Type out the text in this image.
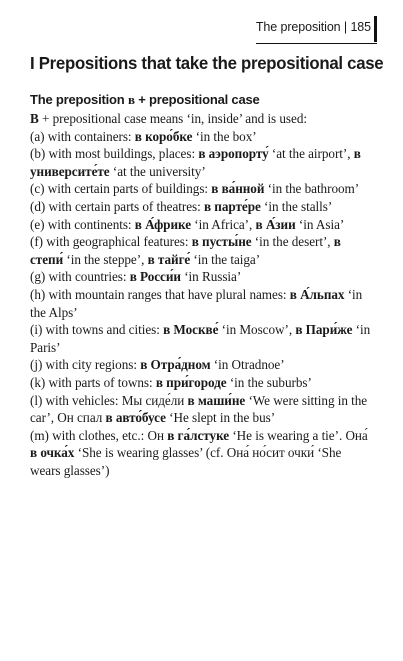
The preposition | 185
I Prepositions that take the prepositional case
The preposition в + prepositional case

В + prepositional case means ‘in, inside’ and is used:

(a) with containers: в коро́бке ‘in the box’

(b) with most buildings, places: в аэропорту́ ‘at the airport’, в университе́те ‘at the university’

(c) with certain parts of buildings: в ва́нной ‘in the bathroom’

(d) with certain parts of theatres: в парте́ре ‘in the stalls’

(e) with continents: в А́фрике ‘in Africa’, в А́зии ‘in Asia’

(f) with geographical features: в пусты́не ‘in the desert’, в степи́ ‘in the steppe’, в тайге́ ‘in the taiga’

(g) with countries: в Росси́и ‘in Russia’

(h) with mountain ranges that have plural names: в А́льпах ‘in the Alps’

(i) with towns and cities: в Москве́ ‘in Moscow’, в Пари́же ‘in Paris’

(j) with city regions: в Отра́дном ‘in Otradnoe’

(k) with parts of towns: в при́городе ‘in the suburbs’

(l) with vehicles: Мы сиде́ли в маши́не ‘We were sitting in the car’, Он спал в авто́бусе ‘He slept in the bus’

(m) with clothes, etc.: Он в га́лстуке ‘He is wearing a tie’. Она́ в очка́х ‘She is wearing glasses’ (cf. Она́ но́сит очки́ ‘She wears glasses’)
